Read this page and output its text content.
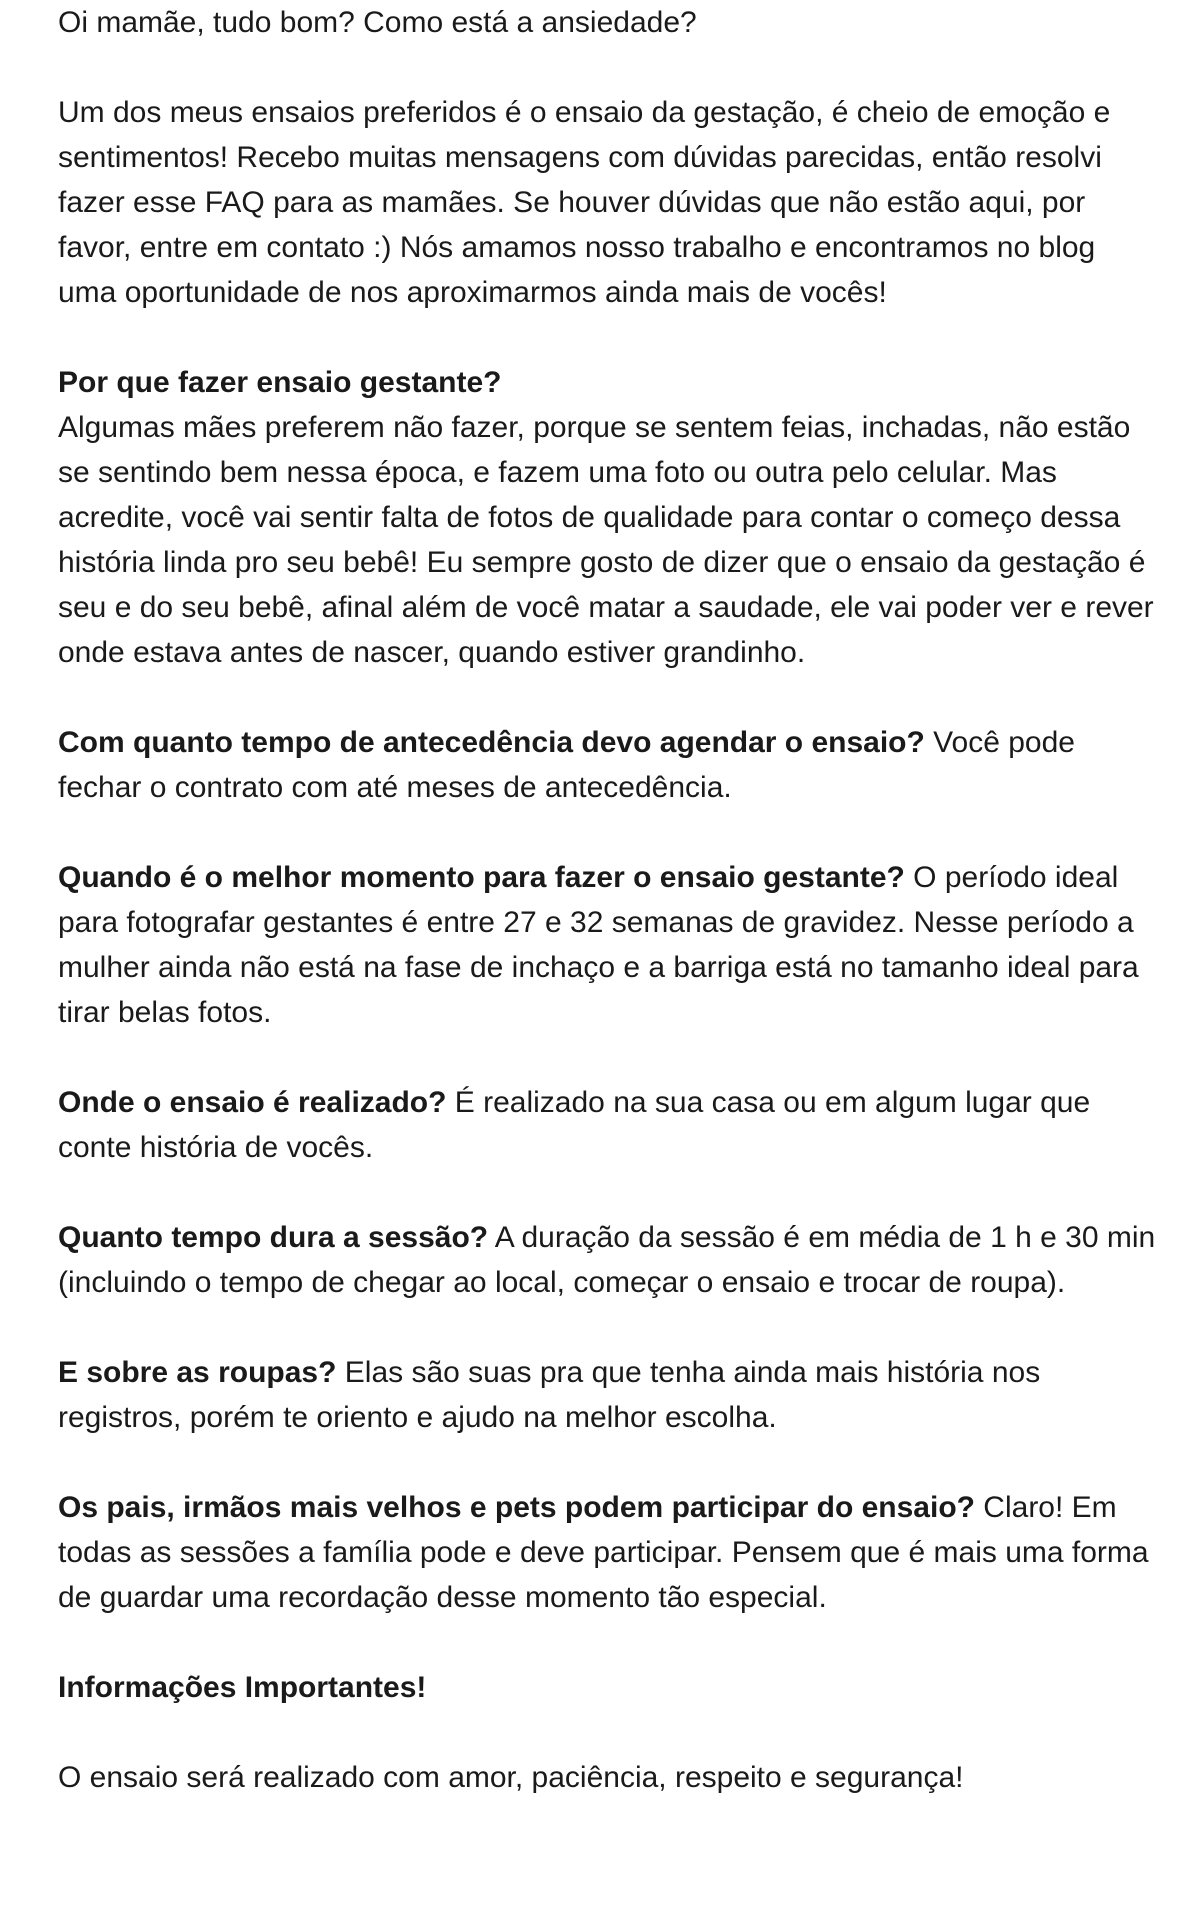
Oi mamãe, tudo bom? Como está a ansiedade?

Um dos meus ensaios preferidos é o ensaio da gestação, é cheio de emoção e sentimentos! Recebo muitas mensagens com dúvidas parecidas, então resolvi fazer esse FAQ para as mamães. Se houver dúvidas que não estão aqui, por favor, entre em contato :) Nós amamos nosso trabalho e encontramos no blog uma oportunidade de nos aproximarmos ainda mais de vocês!

Por que fazer ensaio gestante?

Algumas mães preferem não fazer, porque se sentem feias, inchadas, não estão se sentindo bem nessa época, e fazem uma foto ou outra pelo celular. Mas acredite, você vai sentir falta de fotos de qualidade para contar o começo dessa história linda pro seu bebê! Eu sempre gosto de dizer que o ensaio da gestação é seu e do seu bebê, afinal além de você matar a saudade, ele vai poder ver e rever onde estava antes de nascer, quando estiver grandinho.

Com quanto tempo de antecedência devo agendar o ensaio? Você pode fechar o contrato com até meses de antecedência.

Quando é o melhor momento para fazer o ensaio gestante? O período ideal para fotografar gestantes é entre 27 e 32 semanas de gravidez. Nesse período a mulher ainda não está na fase de inchaço e a barriga está no tamanho ideal para tirar belas fotos.

Onde o ensaio é realizado? É realizado na sua casa ou em algum lugar que conte história de vocês.

Quanto tempo dura a sessão? A duração da sessão é em média de 1 h e 30 min (incluindo o tempo de chegar ao local, começar o ensaio e trocar de roupa).

E sobre as roupas? Elas são suas pra que tenha ainda mais história nos registros, porém te oriento e ajudo na melhor escolha.

Os pais, irmãos mais velhos e pets podem participar do ensaio? Claro! Em todas as sessões a família pode e deve participar. Pensem que é mais uma forma de guardar uma recordação desse momento tão especial.

Informações Importantes!

O ensaio será realizado com amor, paciência, respeito e segurança!
